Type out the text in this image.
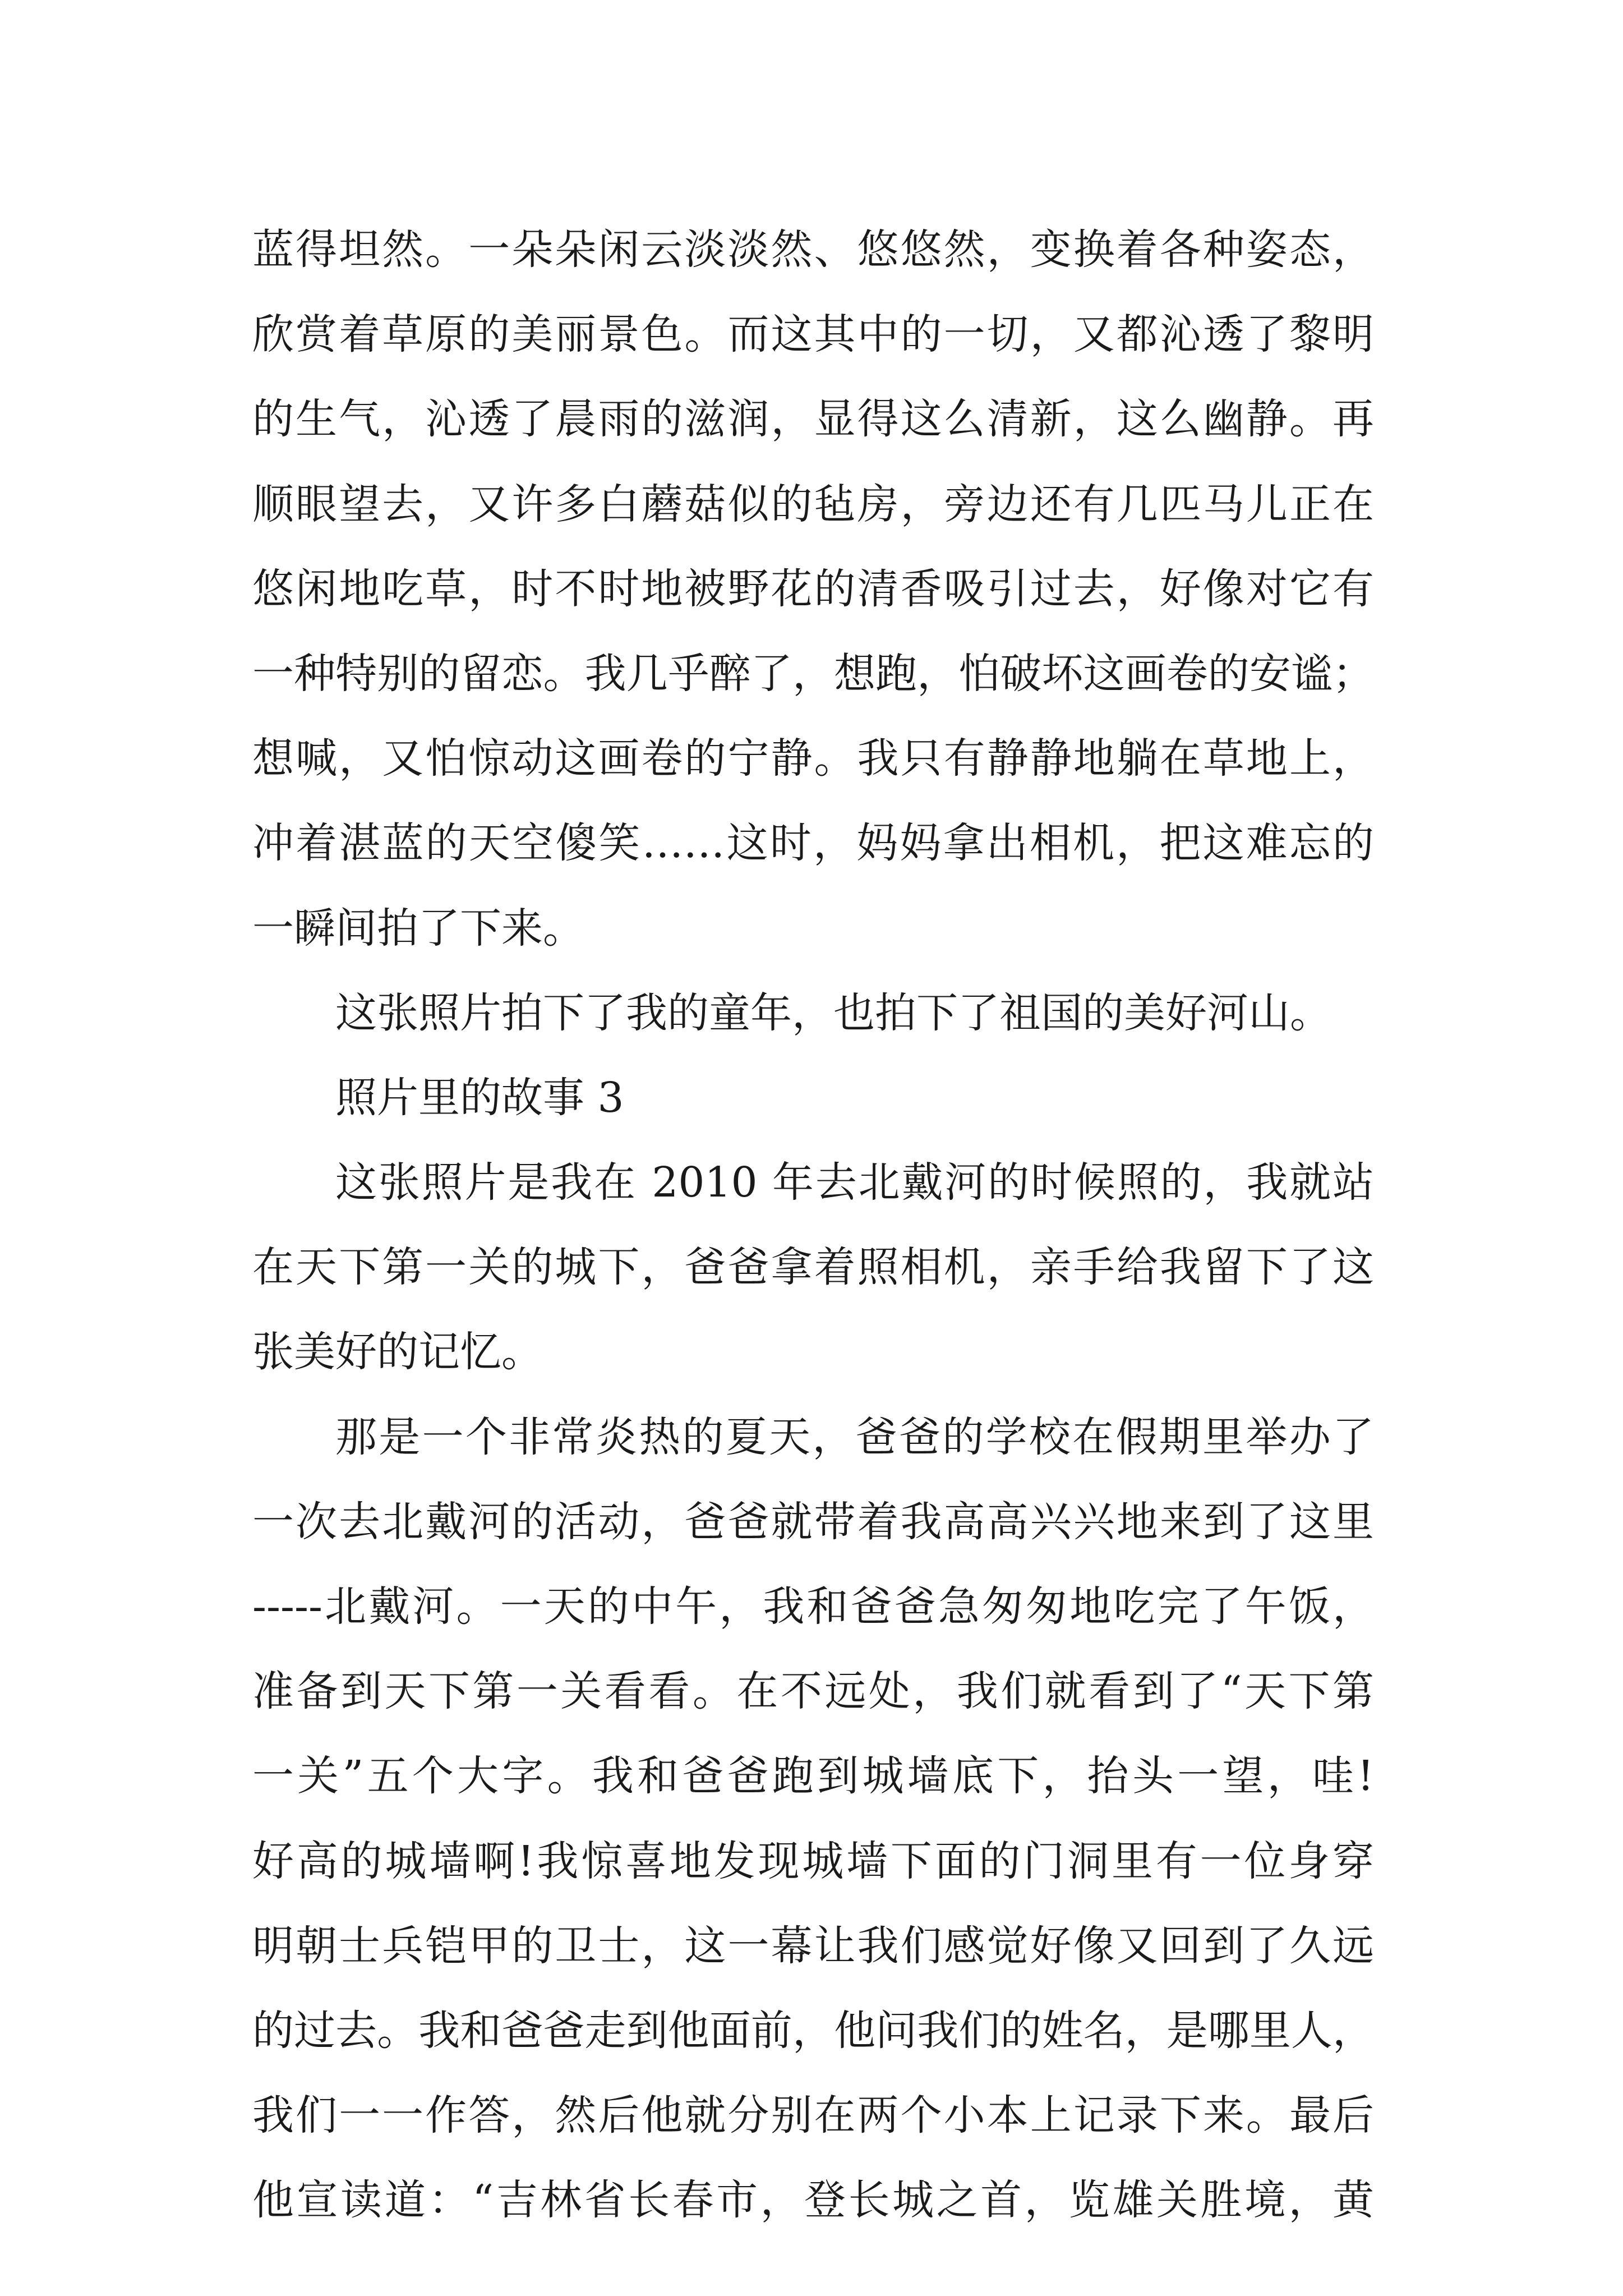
蓝得坦然。一朵朵闲云淡淡然、悠悠然，变换着各种姿态，
欣赏着草原的美丽景色。而这其中的一切，又都沁透了黎明
的生气，沁透了晨雨的滋润，显得这么清新，这么幽静。再
顺眼望去，又许多白蘑菇似的毡房，旁边还有几匹马儿正在
悠闲地吃草，时不时地被野花的清香吸引过去，好像对它有
一种特别的留恋。我几乎醉了，想跑，怕破坏这画卷的安谧；
想喊，又怕惊动这画卷的宁静。我只有静静地躺在草地上，
冲着湛蓝的天空傻笑……这时，妈妈拿出相机，把这难忘的
一瞬间拍了下来。
这张照片拍下了我的童年，也拍下了祖国的美好河山。
照片里的故事 3
这张照片是我在 2010 年去北戴河的时候照的，我就站
在天下第一关的城下，爸爸拿着照相机，亲手给我留下了这
张美好的记忆。
那是一个非常炎热的夏天，爸爸的学校在假期里举办了
一次去北戴河的活动，爸爸就带着我高高兴兴地来到了这里
-----北戴河。一天的中午，我和爸爸急匆匆地吃完了午饭，
准备到天下第一关看看。在不远处，我们就看到了“天下第
一关”五个大字。我和爸爸跑到城墙底下，抬头一望，哇!
好高的城墙啊!我惊喜地发现城墙下面的门洞里有一位身穿
明朝士兵铠甲的卫士，这一幕让我们感觉好像又回到了久远
的过去。我和爸爸走到他面前，他问我们的姓名，是哪里人，
我们一一作答，然后他就分别在两个小本上记录下来。最后
他宣读道：“吉林省长春市，登长城之首，览雄关胜境，黄
